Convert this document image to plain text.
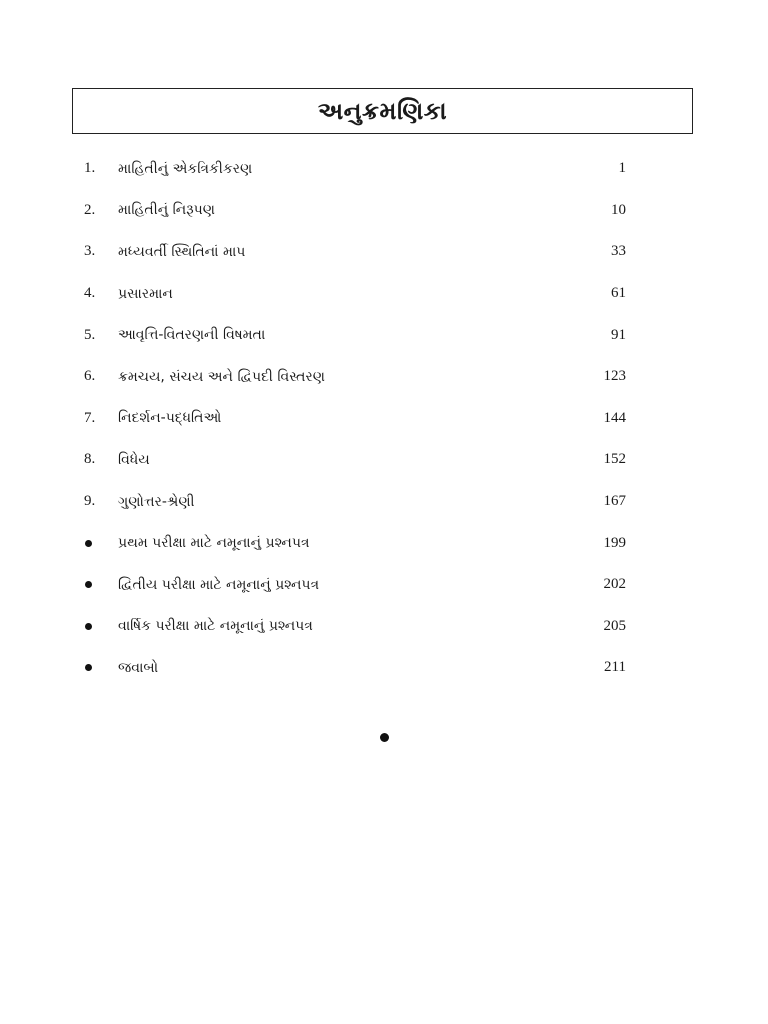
અનુક્રમણિકા
1.	માહિતીનું એકત્રિકીકરણ	1
2.	માહિતીનું નિરૂપણ	10
3.	મધ્યવર્તી સ્થિતિનાં માપ	33
4.	પ્રસારમાન	61
5.	આવૃત્તિ-વિતરણની વિષમતા	91
6.	ક્રમચય, સંચય અને દ્વિપદી વિસ્તરણ	123
7.	નિદર્શન-પદ્ધતિઓ	144
8.	વિધેય	152
9.	ગુણોત્તર-શ્રેણી	167
પ્રથમ પરીક્ષા માટે નમૂનાનું પ્રશ્નપત્ર	199
દ્વિતીય પરીક્ષા માટે નમૂનાનું પ્રશ્નપત્ર	202
વાર્ષિક પરીક્ષા માટે નમૂનાનું પ્રશ્નપત્ર	205
જવાબો	211
